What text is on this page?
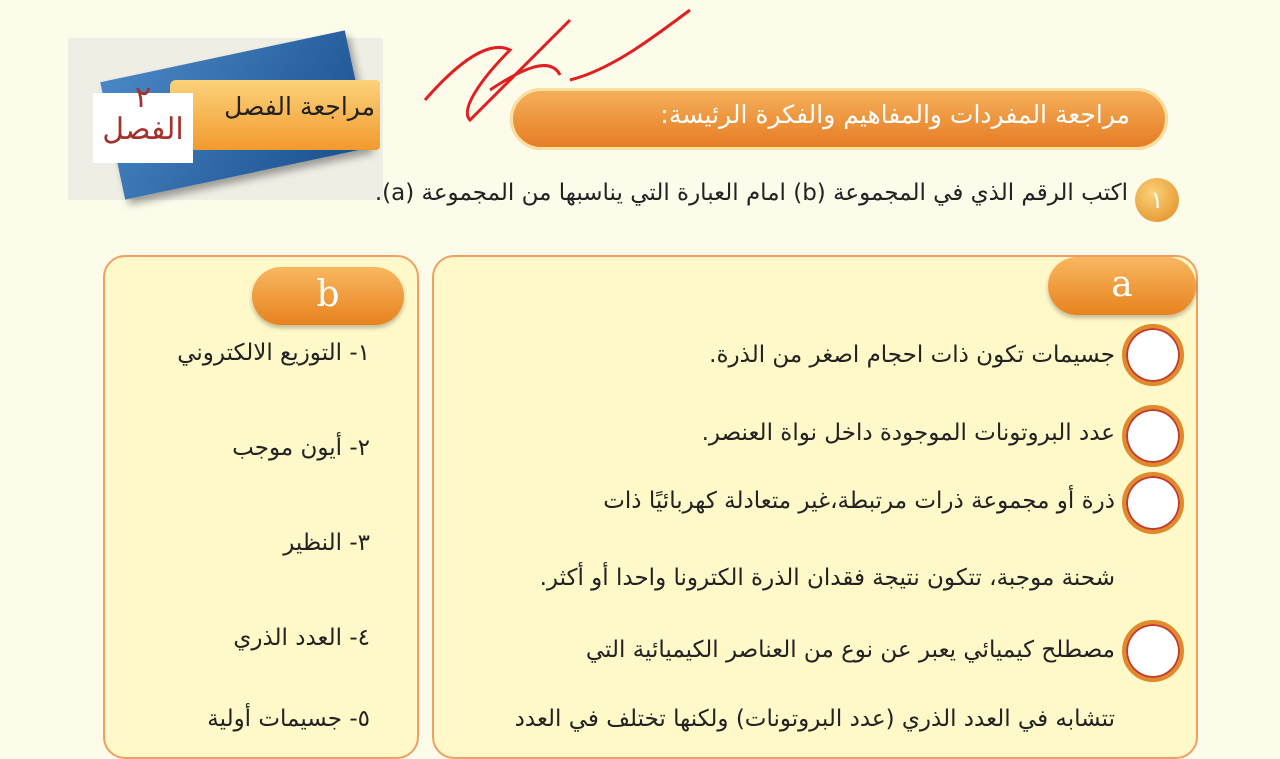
مراجعة الفصل
٢
الفصل	مراجعة المفردات والمفاهيم والفكرة الرئيسة:
١
اكتب الرقم الذي في المجموعة (b) امام العبارة التي يناسبها من المجموعة (a).
a
b
جسيمات تكون ذات احجام اصغر من الذرة.
عدد البروتونات الموجودة داخل نواة العنصر.
ذرة أو مجموعة ذرات مرتبطة،غير متعادلة كهربائيًا ذات
شحنة موجبة، تتكون نتيجة فقدان الذرة الكترونا واحدا أو أكثر.
مصطلح كيميائي يعبر عن نوع من العناصر الكيميائية التي
تتشابه في العدد الذري (عدد البروتونات) ولكنها تختلف في العدد
١- التوزيع الالكتروني
٢- أيون موجب
٣- النظير
٤- العدد الذري
٥- جسيمات أولية
